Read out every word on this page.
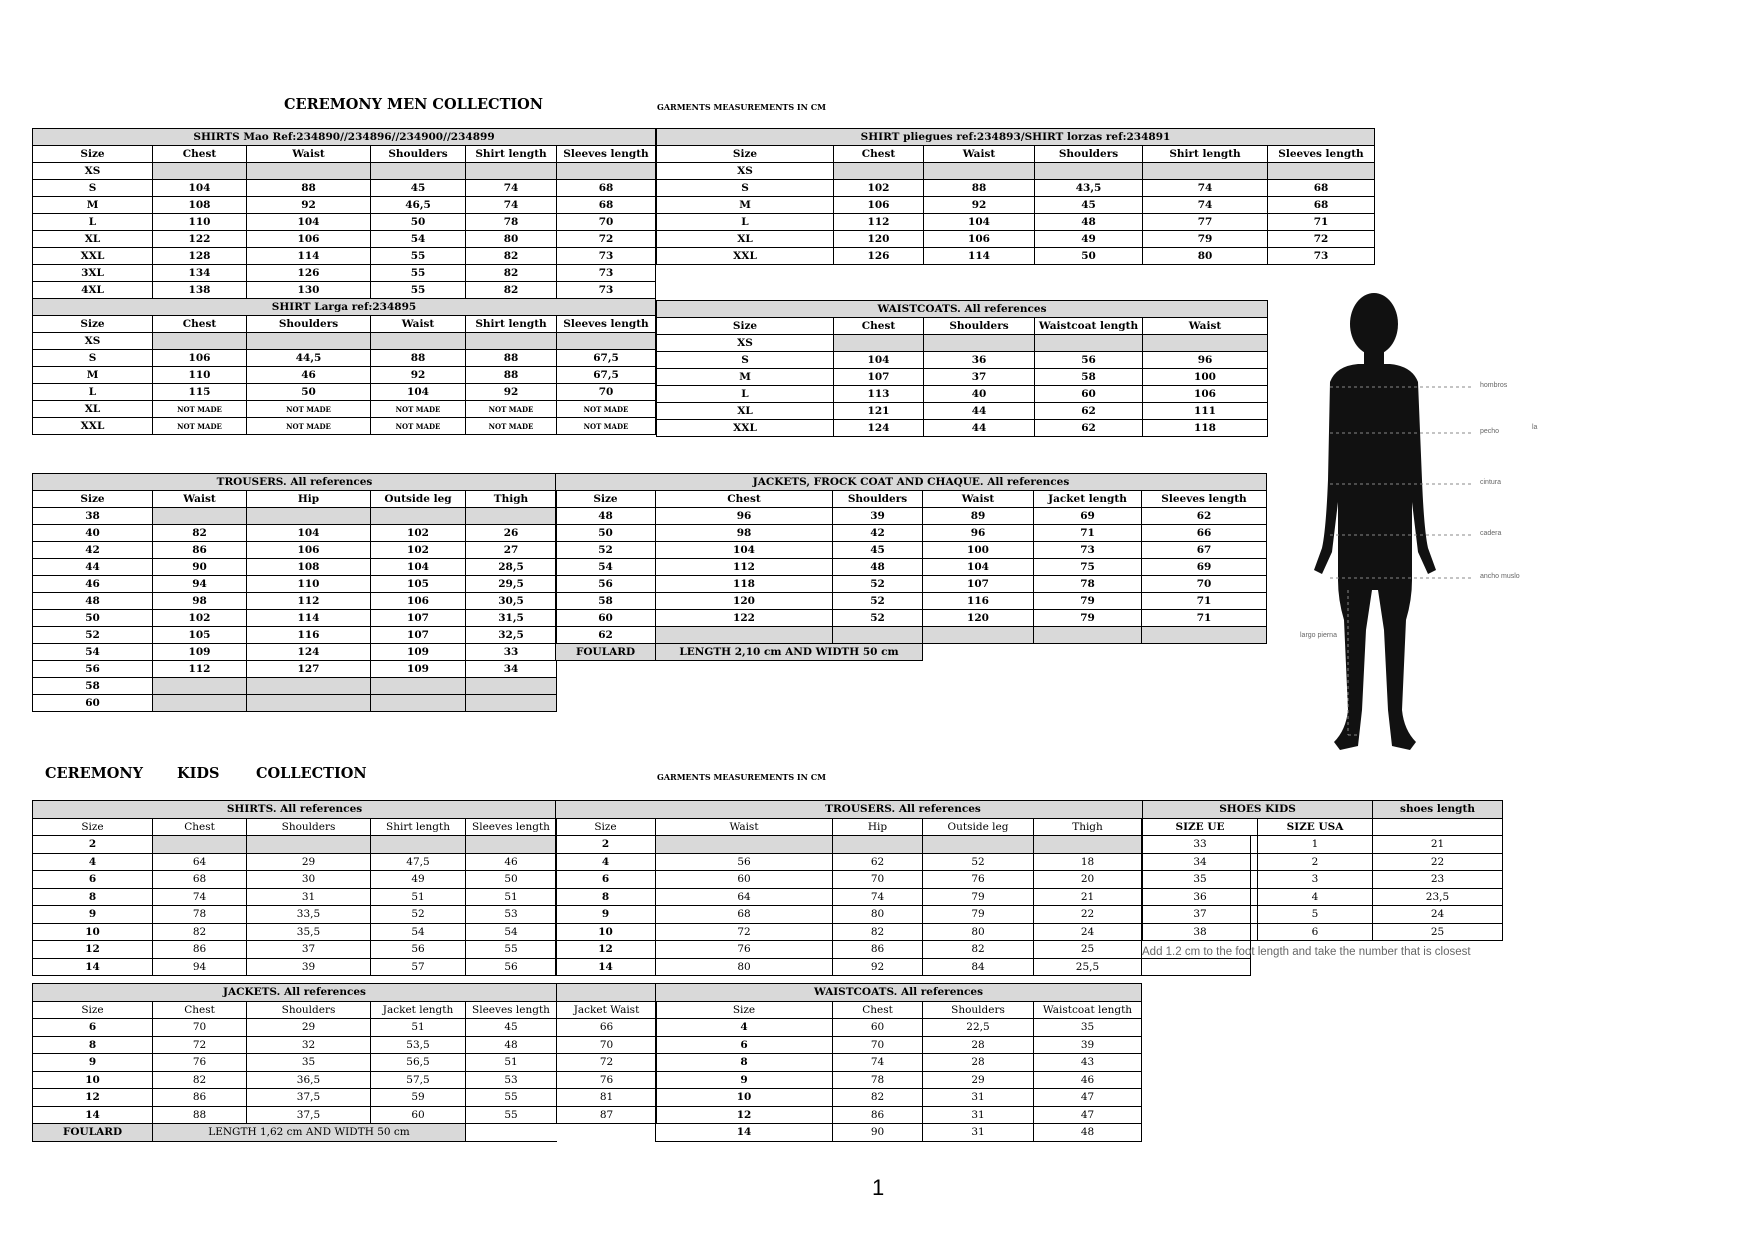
CEREMONY MEN COLLECTION	GARMENTS MEASUREMENTS IN CM
SHIRTS Mao Ref:234890//234896//234900//234899
Size	Chest	Waist	Shoulders	Shirt length	Sleeves length
XS
S	104	88	45	74	68
M	108	92	46,5	74	68
L	110	104	50	78	70
XL	122	106	54	80	72
XXL	128	114	55	82	73
3XL	134	126	55	82	73
4XL	138	130	55	82	73
SHIRT Larga ref:234895
Size	Chest	Shoulders	Waist	Shirt length	Sleeves length
XS
S	106	44,5	88	88	67,5
M	110	46	92	88	67,5
L	115	50	104	92	70
XL	NOT MADE	NOT MADE	NOT MADE	NOT MADE	NOT MADE
XXL	NOT MADE	NOT MADE	NOT MADE	NOT MADE	NOT MADE
SHIRT pliegues ref:234893/SHIRT lorzas ref:234891
Size	Chest	Waist	Shoulders	Shirt length	Sleeves length
XS
S	102	88	43,5	74	68
M	106	92	45	74	68
L	112	104	48	77	71
XL	120	106	49	79	72
XXL	126	114	50	80	73
WAISTCOATS. All references
Size	Chest	Shoulders	Waistcoat length	Waist
XS
S	104	36	56	96
M	107	37	58	100
L	113	40	60	106
XL	121	44	62	111
XXL	124	44	62	118
TROUSERS. All references
Size	Waist	Hip	Outside leg	Thigh
38
40	82	104	102	26
42	86	106	102	27
44	90	108	104	28,5
46	94	110	105	29,5
48	98	112	106	30,5
50	102	114	107	31,5
52	105	116	107	32,5
54	109	124	109	33
56	112	127	109	34
58
60
JACKETS, FROCK COAT AND CHAQUE. All references
Size	Chest	Shoulders	Waist	Jacket length	Sleeves length
48	96	39	89	69	62
50	98	42	96	71	66
52	104	45	100	73	67
54	112	48	104	75	69
56	118	52	107	78	70
58	120	52	116	79	71
60	122	52	120	79	71
62
FOULARD	LENGTH 2,10 cm AND WIDTH 50 cm
hombros
pecho
cintura
cadera
ancho muslo
largo pierna
la
CEREMONY KIDS	COLLECTION	GARMENTS MEASUREMENTS IN CM
SHIRTS. All references
Size	Chest	Shoulders	Shirt length	Sleeves length
2
4	64	29	47,5	46
6	68	30	49	50
8	74	31	51	51
9	78	33,5	52	53
10	82	35,5	54	54
12	86	37	56	55
14	94	39	57	56
TROUSERS. All references
Size	Waist	Hip	Outside leg	Thigh
2
4	56	62	52	18
6	60	70	76	20
8	64	74	79	21
9	68	80	79	22
10	72	82	80	24
12	76	86	82	25
14	80	92	84	25,5
SHOES KIDS	shoes length
SIZE UE	SIZE USA
33	1	21
34	2	22
35	3	23
36	4	23,5
37	5	24
38	6	25
Add 1.2 cm to the foot length and take the number that is closest
JACKETS. All references
Size	Chest	Shoulders	Jacket length	Sleeves length	Jacket Waist
6	70	29	51	45	66
8	72	32	53,5	48	70
9	76	35	56,5	51	72
10	82	36,5	57,5	53	76
12	86	37,5	59	55	81
14	88	37,5	60	55	87
FOULARD	LENGTH 1,62 cm AND WIDTH 50 cm
WAISTCOATS. All references
Size	Chest	Shoulders	Waistcoat length
4	60	22,5	35
6	70	28	39
8	74	28	43
9	78	29	46
10	82	31	47
12	86	31	47
14	90	31	48
1
